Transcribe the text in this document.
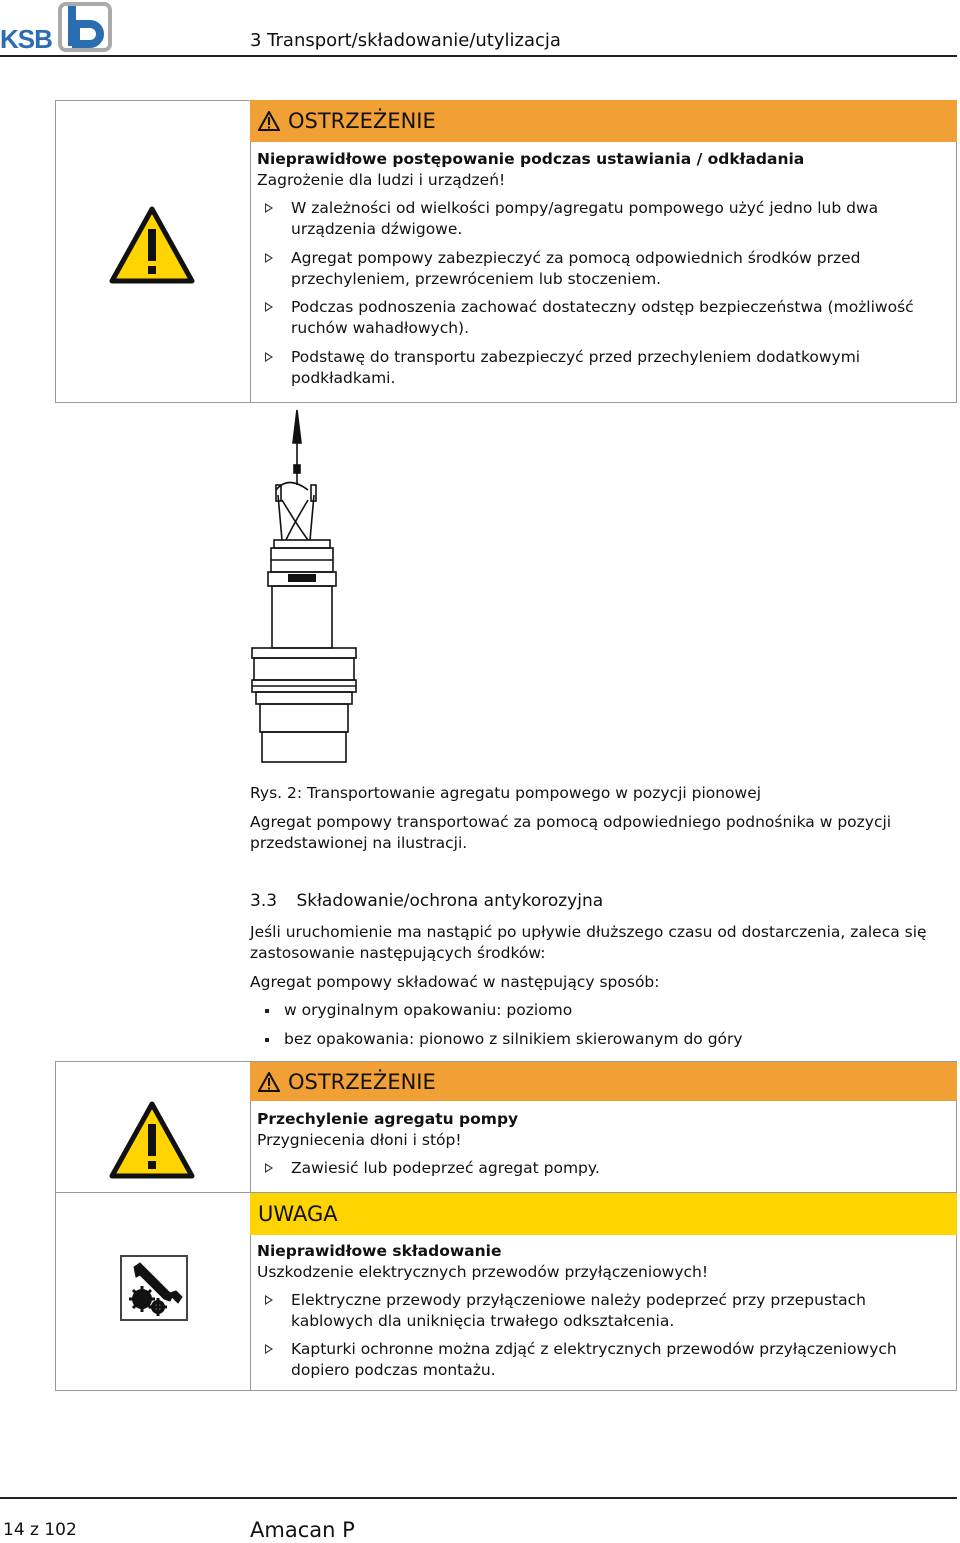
KSB	3 Transport/składowanie/utylizacja
OSTRZEŻENIE
Nieprawidłowe postępowanie podczas ustawiania / odkładania
Zagrożenie dla ludzi i urządzeń!
W zależności od wielkości pompy/agregatu pompowego użyć jedno lub dwa urządzenia dźwigowe.
Agregat pompowy zabezpieczyć za pomocą odpowiednich środków przed przechyleniem, przewróceniem lub stoczeniem.
Podczas podnoszenia zachować dostateczny odstęp bezpieczeństwa (możliwość ruchów wahadłowych).
Podstawę do transportu zabezpieczyć przed przechyleniem dodatkowymi podkładkami.
Rys. 2: Transportowanie agregatu pompowego w pozycji pionowej
Agregat pompowy transportować za pomocą odpowiedniego podnośnika w pozycji przedstawionej na ilustracji.
3.3 Składowanie/ochrona antykorozyjna
Jeśli uruchomienie ma nastąpić po upływie dłuższego czasu od dostarczenia, zaleca się zastosowanie następujących środków:
Agregat pompowy składować w następujący sposób:
w oryginalnym opakowaniu: poziomo
bez opakowania: pionowo z silnikiem skierowanym do góry
OSTRZEŻENIE
Przechylenie agregatu pompy
Przygniecenia dłoni i stóp!
Zawiesić lub podeprzeć agregat pompy.
UWAGA
Nieprawidłowe składowanie
Uszkodzenie elektrycznych przewodów przyłączeniowych!
Elektryczne przewody przyłączeniowe należy podeprzeć przy przepustach kablowych dla uniknięcia trwałego odkształcenia.
Kapturki ochronne można zdjąć z elektrycznych przewodów przyłączeniowych dopiero podczas montażu.
14 z 102	Amacan P
